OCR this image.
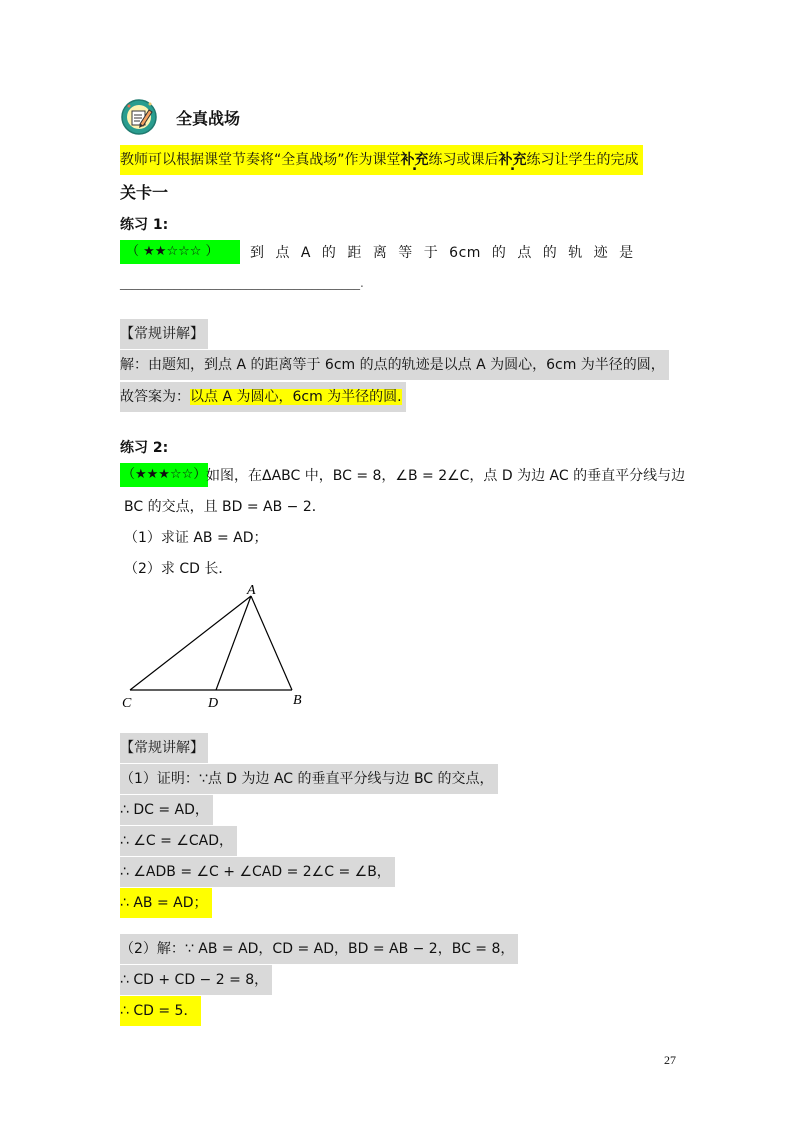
全真战场
教师可以根据课堂节奏将“全真战场”作为课堂补充练习或课后补充练习让学生的完成
关卡一
练习 1:
（ ★★☆☆☆ ）	到 点 A 的 距 离 等 于 6cm 的 点 的 轨 迹 是
________________________________________.
【常规讲解】
解：由题知，到点 A 的距离等于 6cm 的点的轨迹是以点 A 为圆心，6cm 为半径的圆，
故答案为：以点 A 为圆心，6cm 为半径的圆.
练习 2:
（★★★☆☆） 如图，在ΔABC 中，BC = 8，∠B = 2∠C，点 D 为边 AC 的垂直平分线与边
BC 的交点，且 BD = AB − 2．
（1）求证 AB = AD；
（2）求 CD 长．
A
B
C	D
【常规讲解】
（1）证明：∵点 D 为边 AC 的垂直平分线与边 BC 的交点，
∴ DC = AD，
∴ ∠C = ∠CAD，
∴ ∠ADB = ∠C + ∠CAD = 2∠C = ∠B，
∴ AB = AD；
（2）解：∵ AB = AD，CD = AD，BD = AB − 2，BC = 8，
∴ CD + CD − 2 = 8，
∴ CD = 5．
27
